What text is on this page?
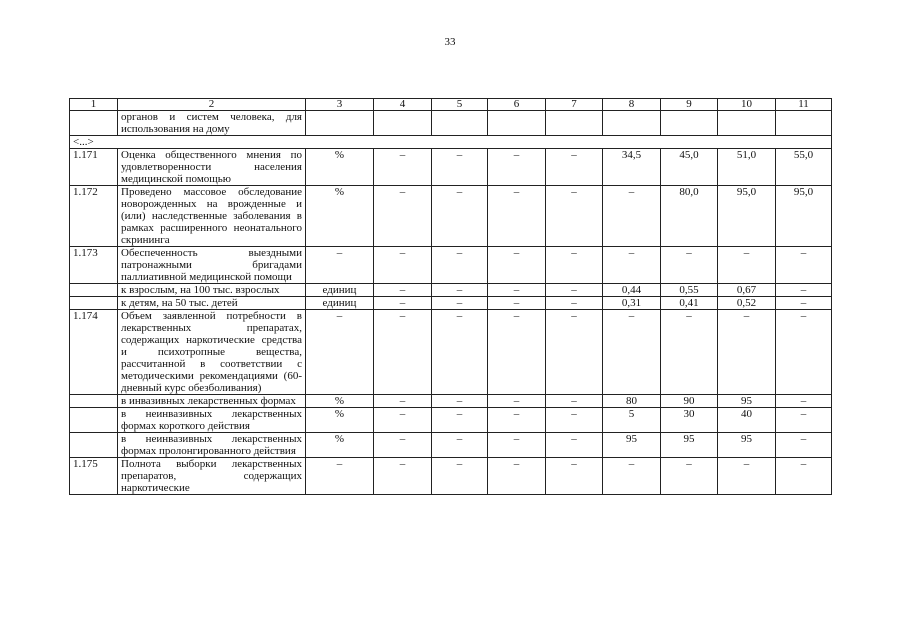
33
1	2	3	4	5	6	7	8	9	10	11
	органов и систем человека, для использования на дому									
<...>										
1.171	Оценка общественного мнения по удовлетворенности населения медицинской помощью	%	–	–	–	–	34,5	45,0	51,0	55,0
1.172	Проведено массовое обследование новорожденных на врожденные и (или) наследственные заболевания в рамках расширенного неонатального скрининга	%	–	–	–	–	–	80,0	95,0	95,0
1.173	Обеспеченность выездными патронажными бригадами паллиативной медицинской помощи	–	–	–	–	–	–	–	–	–
	к взрослым, на 100 тыс. взрослых	единиц	–	–	–	–	0,44	0,55	0,67	–
	к детям, на 50 тыс. детей	единиц	–	–	–	–	0,31	0,41	0,52	–
1.174	Объем заявленной потребности в лекарственных препаратах, содержащих наркотические средства и психотропные вещества, рассчитанной в соответствии с методическими рекомендациями (60-дневный курс обезболивания)	–	–	–	–	–	–	–	–	–
	в инвазивных лекарственных формах	%	–	–	–	–	80	90	95	–
	в неинвазивных лекарственных формах короткого действия	%	–	–	–	–	5	30	40	–
	в неинвазивных лекарственных формах пролонгированного действия	%	–	–	–	–	95	95	95	–
1.175	Полнота выборки лекарственных препаратов, содержащих наркотические	–	–	–	–	–	–	–	–	–
